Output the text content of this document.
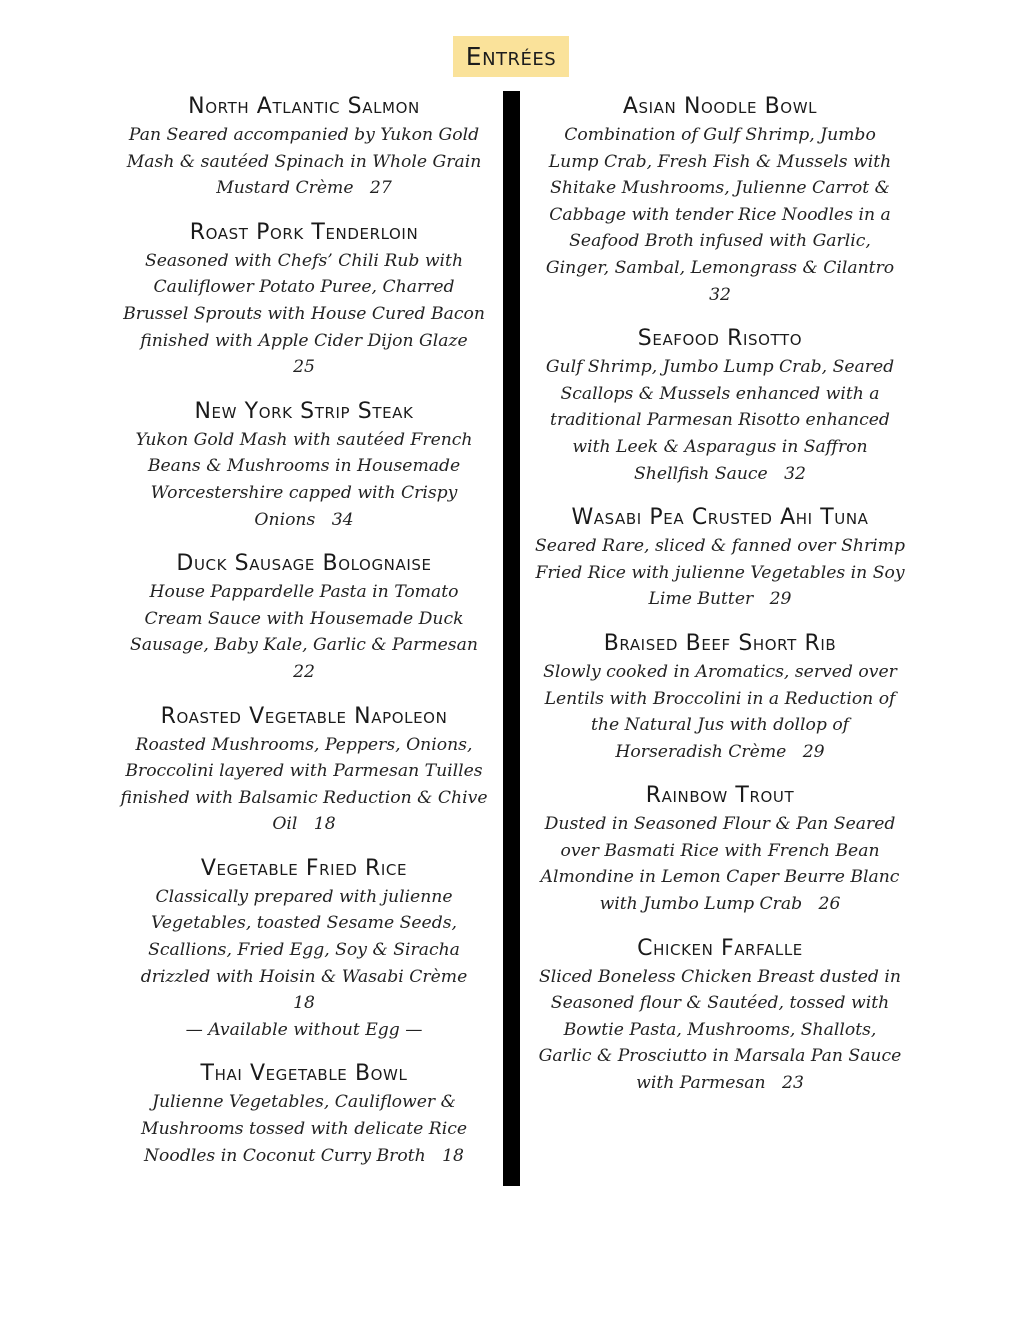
Entrées
North Atlantic Salmon
Pan Seared accompanied by Yukon Gold
Mash & sautéed Spinach in Whole Grain
Mustard Crème 27
Roast Pork Tenderloin
Seasoned with Chefs’ Chili Rub with
Cauliflower Potato Puree, Charred
Brussel Sprouts with House Cured Bacon
finished with Apple Cider Dijon Glaze
25
New York Strip Steak
Yukon Gold Mash with sautéed French
Beans & Mushrooms in Housemade
Worcestershire capped with Crispy
Onions 34
Duck Sausage Bolognaise
House Pappardelle Pasta in Tomato
Cream Sauce with Housemade Duck
Sausage, Baby Kale, Garlic & Parmesan
22
Roasted Vegetable Napoleon
Roasted Mushrooms, Peppers, Onions,
Broccolini layered with Parmesan Tuilles
finished with Balsamic Reduction & Chive
Oil 18
Vegetable Fried Rice
Classically prepared with julienne
Vegetables, toasted Sesame Seeds,
Scallions, Fried Egg, Soy & Siracha
drizzled with Hoisin & Wasabi Crème
18
— Available without Egg —
Thai Vegetable Bowl
Julienne Vegetables, Cauliflower &
Mushrooms tossed with delicate Rice
Noodles in Coconut Curry Broth 18
Asian Noodle Bowl
Combination of Gulf Shrimp, Jumbo
Lump Crab, Fresh Fish & Mussels with
Shitake Mushrooms, Julienne Carrot &
Cabbage with tender Rice Noodles in a
Seafood Broth infused with Garlic,
Ginger, Sambal, Lemongrass & Cilantro
32
Seafood Risotto
Gulf Shrimp, Jumbo Lump Crab, Seared
Scallops & Mussels enhanced with a
traditional Parmesan Risotto enhanced
with Leek & Asparagus in Saffron
Shellfish Sauce 32
Wasabi Pea Crusted Ahi Tuna
Seared Rare, sliced & fanned over Shrimp
Fried Rice with julienne Vegetables in Soy
Lime Butter 29
Braised Beef Short Rib
Slowly cooked in Aromatics, served over
Lentils with Broccolini in a Reduction of
the Natural Jus with dollop of
Horseradish Crème 29
Rainbow Trout
Dusted in Seasoned Flour & Pan Seared
over Basmati Rice with French Bean
Almondine in Lemon Caper Beurre Blanc
with Jumbo Lump Crab 26
Chicken Farfalle
Sliced Boneless Chicken Breast dusted in
Seasoned flour & Sautéed, tossed with
Bowtie Pasta, Mushrooms, Shallots,
Garlic & Prosciutto in Marsala Pan Sauce
with Parmesan 23
